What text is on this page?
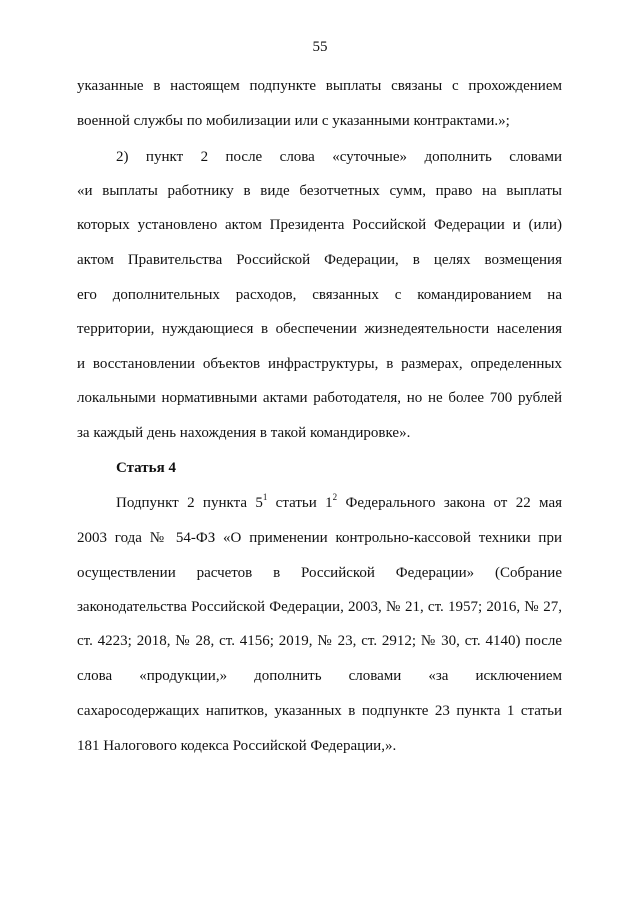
55
указанные в настоящем подпункте выплаты связаны с прохождением
военной службы по мобилизации или с указанными контрактами.»;
2) пункт 2 после слова «суточные» дополнить словами
«и выплаты работнику в виде безотчетных сумм, право на выплаты
которых установлено актом Президента Российской Федерации и (или)
актом Правительства Российской Федерации, в целях возмещения
его дополнительных расходов, связанных с командированием на
территории, нуждающиеся в обеспечении жизнедеятельности населения
и восстановлении объектов инфраструктуры, в размерах, определенных
локальными нормативными актами работодателя, но не более 700 рублей
за каждый день нахождения в такой командировке».
Статья 4
Подпункт 2 пункта $5^1$ статьи $1^2$ Федерального закона от 22 мая
2003 года № 54-ФЗ «О применении контрольно-кассовой техники при
осуществлении расчетов в Российской Федерации» (Собрание
законодательства Российской Федерации, 2003, № 21, ст. 1957; 2016, № 27,
ст. 4223; 2018, № 28, ст. 4156; 2019, № 23, ст. 2912; № 30, ст. 4140) после
слова «продукции,» дополнить словами «за исключением
сахаросодержащих напитков, указанных в подпункте 23 пункта 1 статьи
181 Налогового кодекса Российской Федерации,».
